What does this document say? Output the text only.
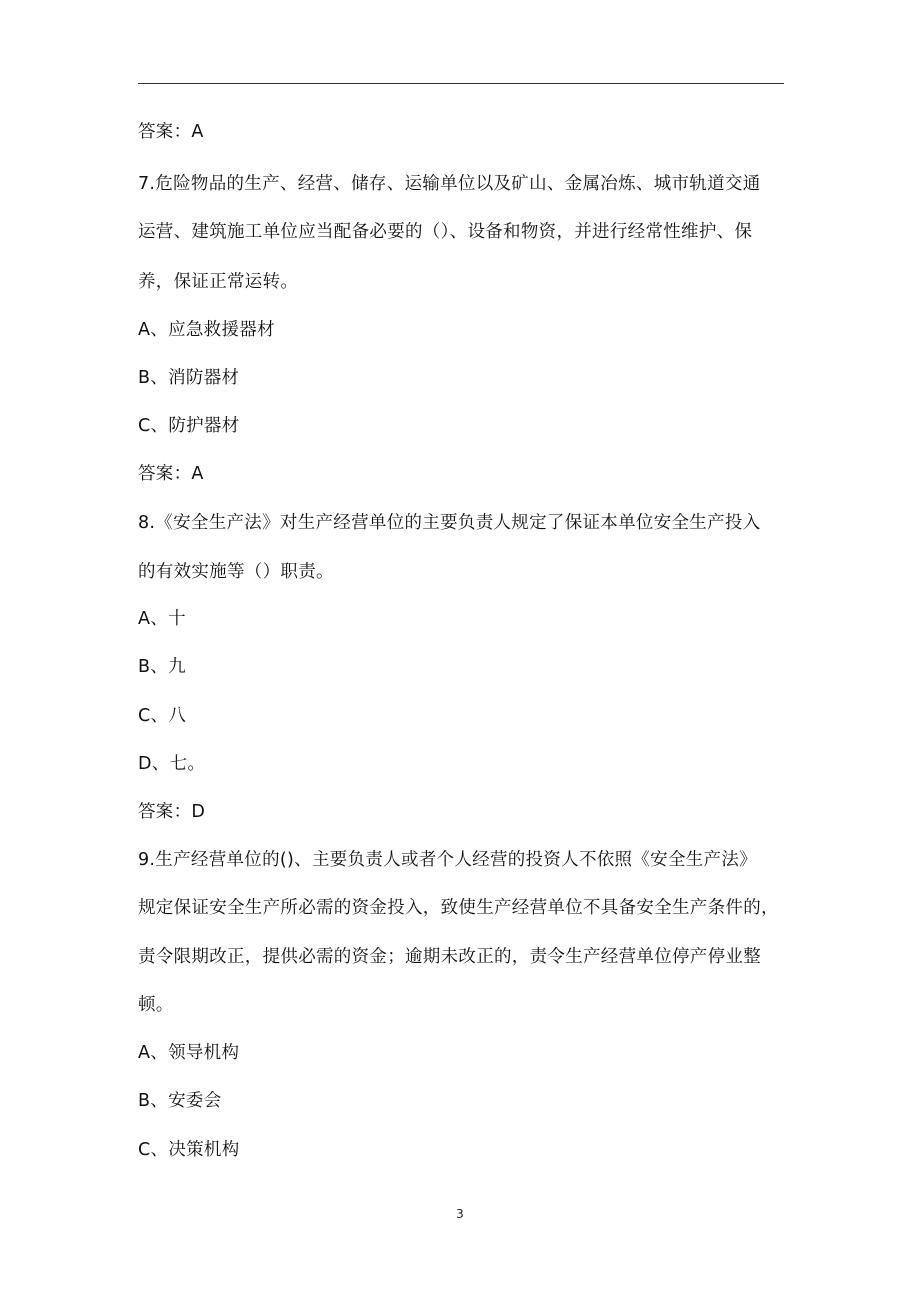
答案：A
7.危险物品的生产、经营、储存、运输单位以及矿山、金属冶炼、城市轨道交通
运营、建筑施工单位应当配备必要的（）、设备和物资，并进行经常性维护、保
养，保证正常运转。
A、应急救援器材
B、消防器材
C、防护器材
答案：A
8.《安全生产法》对生产经营单位的主要负责人规定了保证本单位安全生产投入
的有效实施等（）职责。
A、十
B、九
C、八
D、七。
答案：D
9.生产经营单位的()、主要负责人或者个人经营的投资人不依照《安全生产法》
规定保证安全生产所必需的资金投入，致使生产经营单位不具备安全生产条件的，
责令限期改正，提供必需的资金；逾期未改正的，责令生产经营单位停产停业整
顿。
A、领导机构
B、安委会
C、决策机构
3
